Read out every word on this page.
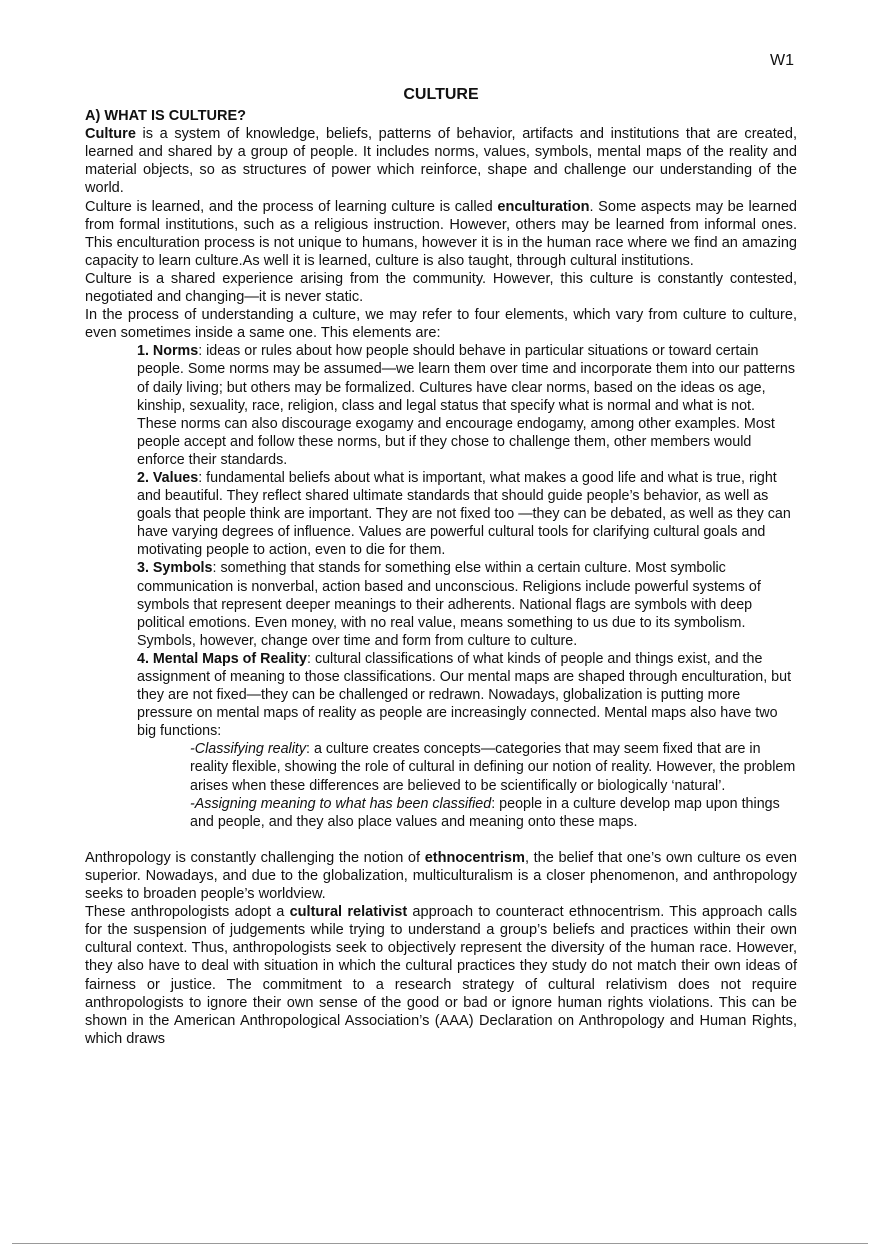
W1
CULTURE
A) WHAT IS CULTURE?

Culture is a system of knowledge, beliefs, patterns of behavior, artifacts and institutions that are created, learned and shared by a group of people. It includes norms, values, symbols, mental maps of the reality and material objects, so as structures of power which reinforce, shape and challenge our understanding of the world.

Culture is learned, and the process of learning culture is called enculturation. Some aspects may be learned from formal institutions, such as a religious instruction. However, others may be learned from informal ones. This enculturation process is not unique to humans, however it is in the human race where we find an amazing capacity to learn culture.As well it is learned, culture is also taught, through cultural institutions.

Culture is a shared experience arising from the community. However, this culture is constantly contested, negotiated and changing—it is never static.

In the process of understanding a culture, we may refer to four elements, which vary from culture to culture, even sometimes inside a same one. This elements are:

1. Norms: ideas or rules about how people should behave in particular situations or toward certain people. Some norms may be assumed—we learn them over time and incorporate them into our patterns of daily living; but others may be formalized. Cultures have clear norms, based on the ideas os age, kinship, sexuality, race, religion, class and legal status that specify what is normal and what is not. These norms can also discourage exogamy and encourage endogamy, among other examples. Most people accept and follow these norms, but if they chose to challenge them, other members would enforce their standards.

2. Values: fundamental beliefs about what is important, what makes a good life and what is true, right and beautiful. They reflect shared ultimate standards that should guide people’s behavior, as well as goals that people think are important. They are not fixed too —they can be debated, as well as they can have varying degrees of influence. Values are powerful cultural tools for clarifying cultural goals and motivating people to action, even to die for them.

3. Symbols: something that stands for something else within a certain culture. Most symbolic communication is nonverbal, action based and unconscious. Religions include powerful systems of symbols that represent deeper meanings to their adherents. National flags are symbols with deep political emotions. Even money, with no real value, means something to us due to its symbolism. Symbols, however, change over time and form from culture to culture.

4. Mental Maps of Reality: cultural classifications of what kinds of people and things exist, and the assignment of meaning to those classifications. Our mental maps are shaped through enculturation, but they are not fixed—they can be challenged or redrawn. Nowadays, globalization is putting more pressure on mental maps of reality as people are increasingly connected. Mental maps also have two big functions:

-Classifying reality: a culture creates concepts—categories that may seem fixed that are in reality flexible, showing the role of cultural in defining our notion of reality. However, the problem arises when these differences are believed to be scientifically or biologically ‘natural’.

-Assigning meaning to what has been classified: people in a culture develop map upon things and people, and they also place values and meaning onto these maps.

Anthropology is constantly challenging the notion of ethnocentrism, the belief that one’s own culture os even superior. Nowadays, and due to the globalization, multiculturalism is a closer phenomenon, and anthropology seeks to broaden people’s worldview.

These anthropologists adopt a cultural relativist approach to counteract ethnocentrism. This approach calls for the suspension of judgements while trying to understand a group’s beliefs and practices within their own cultural context. Thus, anthropologists seek to objectively represent the diversity of the human race. However, they also have to deal with situation in which the cultural practices they study do not match their own ideas of fairness or justice. The commitment to a research strategy of cultural relativism does not require anthropologists to ignore their own sense of the good or bad or ignore human rights violations. This can be shown in the American Anthropological Association’s (AAA) Declaration on Anthropology and Human Rights, which draws
